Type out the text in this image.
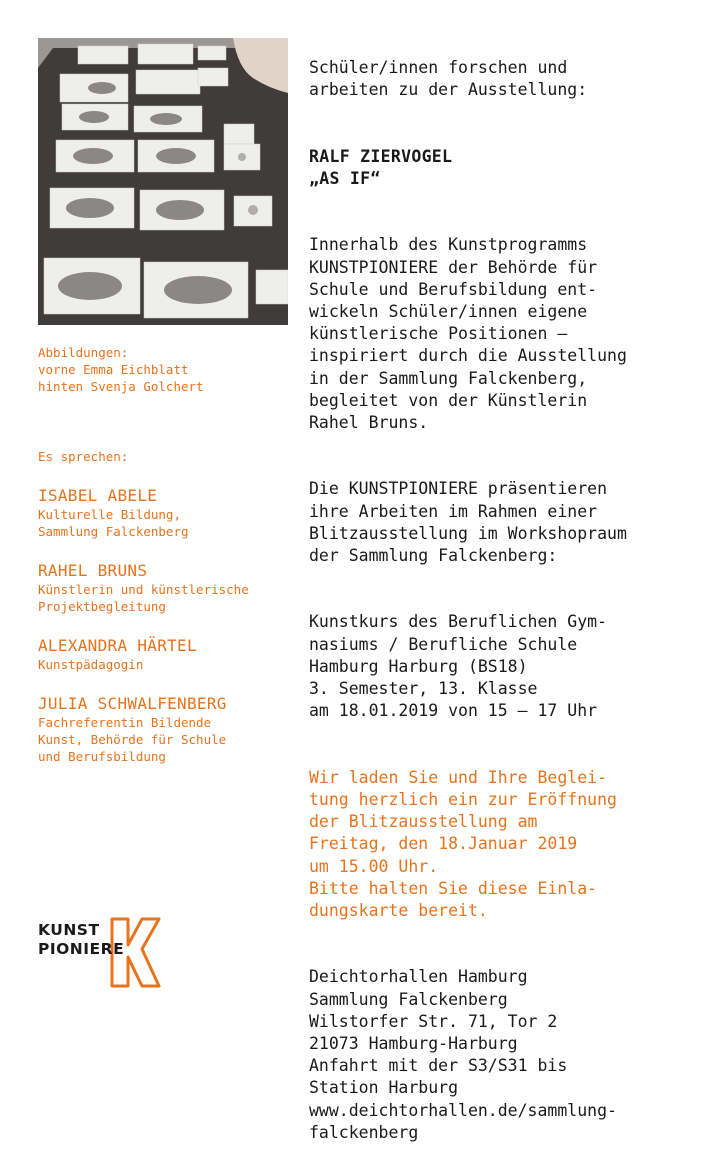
Abbildungen:
vorne Emma Eichblatt
hinten Svenja Golchert
Es sprechen:
ISABEL ABELE
Kulturelle Bildung,
Sammlung Falckenberg
RAHEL BRUNS
Künstlerin und künstlerische
Projektbegleitung
ALEXANDRA HÄRTEL
Kunstpädagogin
JULIA SCHWALFENBERG
Fachreferentin Bildende
Kunst, Behörde für Schule
und Berufsbildung

Schüler/innen forschen und
arbeiten zu der Ausstellung:

RALF ZIERVOGEL
„AS IF“

Innerhalb des Kunstprogramms
KUNSTPIONIERE der Behörde für
Schule und Berufsbildung ent-
wickeln Schüler/innen eigene
künstlerische Positionen –
inspiriert durch die Ausstellung
in der Sammlung Falckenberg,
begleitet von der Künstlerin
Rahel Bruns.

Die KUNSTPIONIERE präsentieren
ihre Arbeiten im Rahmen einer
Blitzausstellung im Workshopraum
der Sammlung Falckenberg:

Kunstkurs des Beruflichen Gym-
nasiums / Berufliche Schule
Hamburg Harburg (BS18)
3. Semester, 13. Klasse
am 18.01.2019 von 15 – 17 Uhr

Wir laden Sie und Ihre Beglei-
tung herzlich ein zur Eröffnung
der Blitzausstellung am
Freitag, den 18.Januar 2019
um 15.00 Uhr.
Bitte halten Sie diese Einla-
dungskarte bereit.

Deichtorhallen Hamburg
Sammlung Falckenberg
Wilstorfer Str. 71, Tor 2
21073 Hamburg-Harburg
Anfahrt mit der S3/S31 bis
Station Harburg
www.deichtorhallen.de/sammlung-
falckenberg

KUNST
PIONIERE
